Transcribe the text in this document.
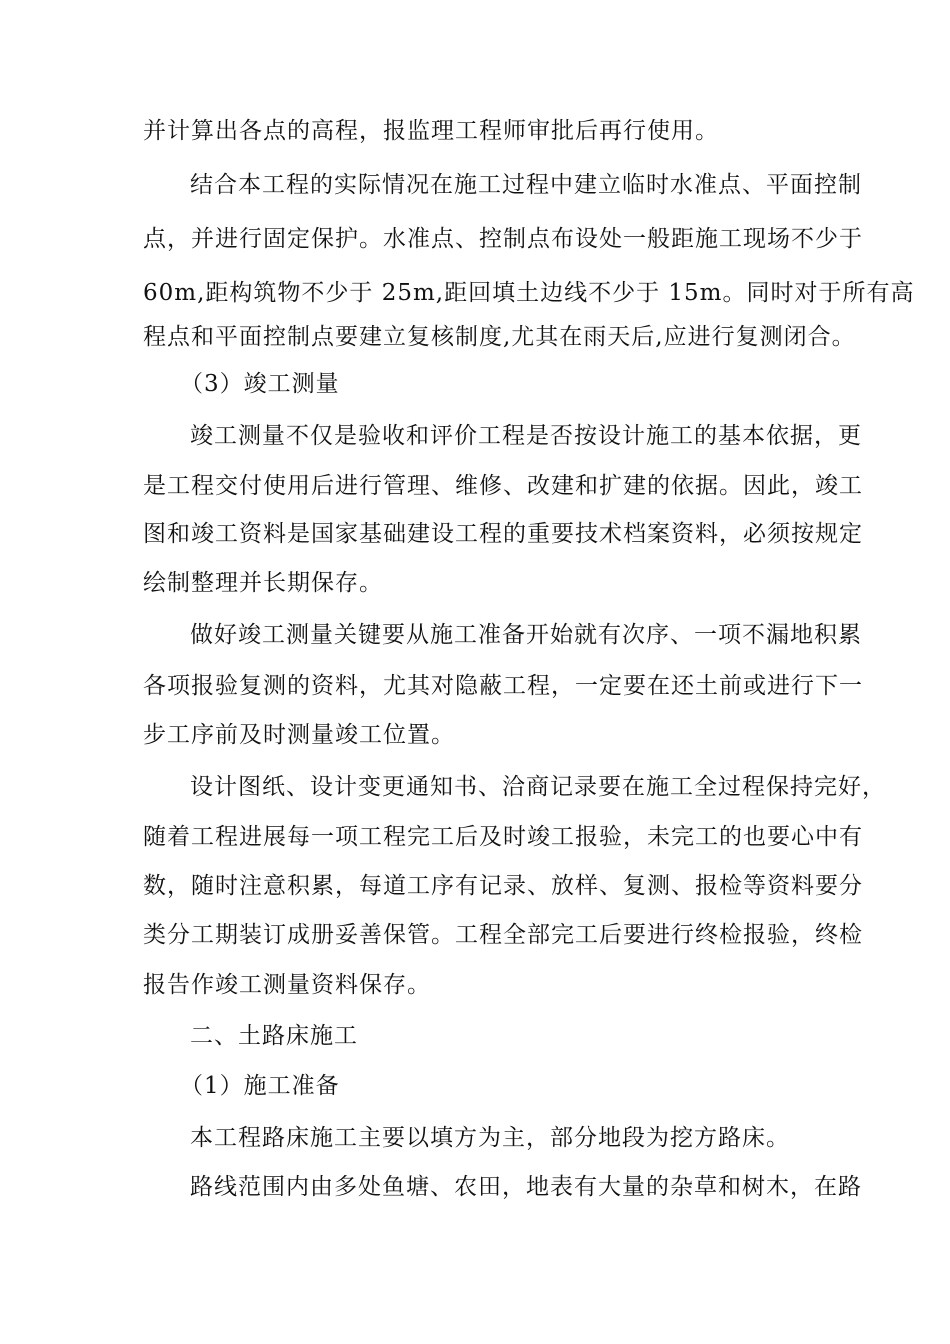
并计算出各点的高程，报监理工程师审批后再行使用。
结合本工程的实际情况在施工过程中建立临时水准点、平面控制
点，并进行固定保护。水准点、控制点布设处一般距施工现场不少于
60m,距构筑物不少于 25m,距回填土边线不少于 15m。同时对于所有高
程点和平面控制点要建立复核制度,尤其在雨天后,应进行复测闭合。
（3）竣工测量
竣工测量不仅是验收和评价工程是否按设计施工的基本依据，更
是工程交付使用后进行管理、维修、改建和扩建的依据。因此，竣工
图和竣工资料是国家基础建设工程的重要技术档案资料，必须按规定
绘制整理并长期保存。
做好竣工测量关键要从施工准备开始就有次序、一项不漏地积累
各项报验复测的资料，尤其对隐蔽工程，一定要在还土前或进行下一
步工序前及时测量竣工位置。
设计图纸、设计变更通知书、洽商记录要在施工全过程保持完好，
随着工程进展每一项工程完工后及时竣工报验，未完工的也要心中有
数，随时注意积累，每道工序有记录、放样、复测、报检等资料要分
类分工期装订成册妥善保管。工程全部完工后要进行终检报验，终检
报告作竣工测量资料保存。
二、土路床施工
（1）施工准备
本工程路床施工主要以填方为主，部分地段为挖方路床。
路线范围内由多处鱼塘、农田，地表有大量的杂草和树木，在路
